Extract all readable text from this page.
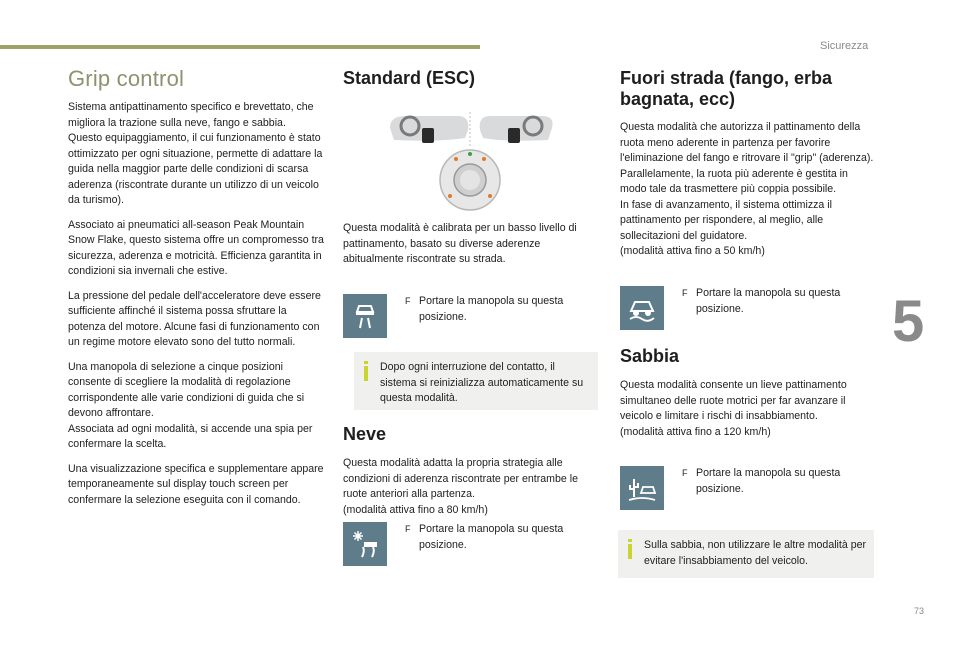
Sicurezza
5
73
Grip control

Sistema antipattinamento specifico e brevettato, che migliora la trazione sulla neve, fango e sabbia.

Questo equipaggiamento, il cui funzionamento è stato ottimizzato per ogni situazione, permette di adattare la guida nella maggior parte delle condizioni di scarsa aderenza (riscontrate durante un utilizzo di un veicolo da turismo).

Associato ai pneumatici all-season Peak Mountain Snow Flake, questo sistema offre un compromesso tra sicurezza, aderenza e motricità. Efficienza garantita in condizioni sia invernali che estive.

La pressione del pedale dell'acceleratore deve essere sufficiente affinché il sistema possa sfruttare la potenza del motore. Alcune fasi di funzionamento con un regime motore elevato sono del tutto normali.

Una manopola di selezione a cinque posizioni consente di scegliere la modalità di regolazione corrispondente alle varie condizioni di guida che si devono affrontare.

Associata ad ogni modalità, si accende una spia per confermare la scelta.

Una visualizzazione specifica e supplementare appare temporaneamente sul display touch screen per confermare la selezione eseguita con il comando.

Standard (ESC)

Questa modalità è calibrata per un basso livello di pattinamento, basato su diverse aderenze abitualmente riscontrate su strada.

F Portare la manopola su questa posizione.

Dopo ogni interruzione del contatto, il sistema si reinizializza automaticamente su questa modalità.

Neve

Questa modalità adatta la propria strategia alle condizioni di aderenza riscontrate per entrambe le ruote anteriori alla partenza.

(modalità attiva fino a 80 km/h)

F Portare la manopola su questa posizione.
Fuori strada (fango, erba bagnata, ecc)

Questa modalità che autorizza il pattinamento della ruota meno aderente in partenza per favorire l'eliminazione del fango e ritrovare il "grip" (aderenza). Parallelamente, la ruota più aderente è gestita in modo tale da trasmettere più coppia possibile.

In fase di avanzamento, il sistema ottimizza il pattinamento per rispondere, al meglio, alle sollecitazioni del guidatore.

(modalità attiva fino a 50 km/h)

F Portare la manopola su questa posizione.
Sabbia

Questa modalità consente un lieve pattinamento simultaneo delle ruote motrici per far avanzare il veicolo e limitare i rischi di insabbiamento.

(modalità attiva fino a 120 km/h)

F Portare la manopola su questa posizione.

Sulla sabbia, non utilizzare le altre modalità per evitare l'insabbiamento del veicolo.
